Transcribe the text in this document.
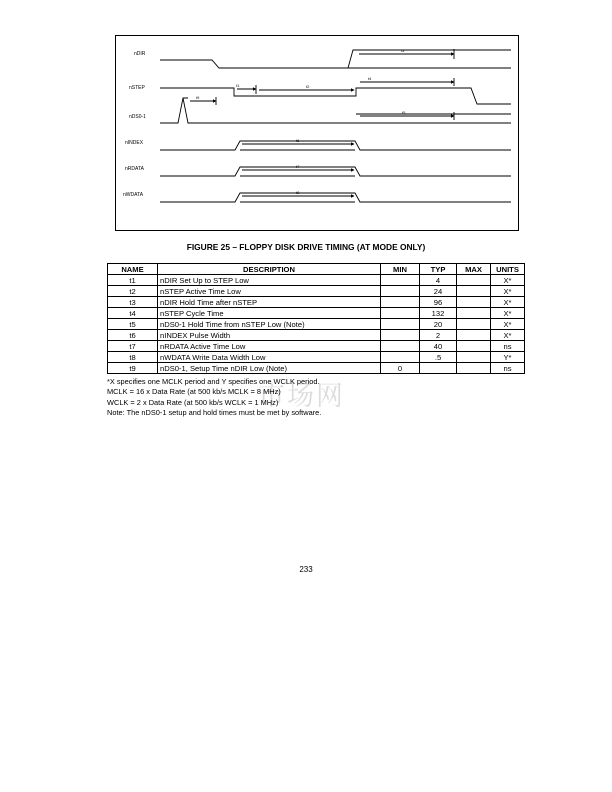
nDIR
nSTEP
nDS0-1
nINDEX
nRDATA
nWDATA
t3
t1	t2
t4
t5
t9
t6
t7
t8
FIGURE 25 – FLOPPY DISK DRIVE TIMING (AT MODE ONLY)
NAME	DESCRIPTION	MIN	TYP	MAX	UNITS
t1	nDIR Set Up to STEP Low		4		X*
t2	nSTEP Active Time Low		24		X*
t3	nDIR Hold Time after nSTEP		96		X*
t4	nSTEP Cycle Time		132		X*
t5	nDS0-1 Hold Time from nSTEP Low (Note)		20		X*
t6	nINDEX Pulse Width		2		X*
t7	nRDATA Active Time Low		40		ns
t8	nWDATA Write Data Width Low		.5		Y*
t9	nDS0-1, Setup Time nDIR Low (Note)	0			ns
市场网
*X specifies one MCLK period and Y specifies one WCLK period.
MCLK = 16 x Data Rate (at 500 kb/s MCLK = 8 MHz)
WCLK = 2 x Data Rate (at 500 kb/s WCLK = 1 MHz)
Note: The nDS0-1 setup and hold times must be met by software.
233
